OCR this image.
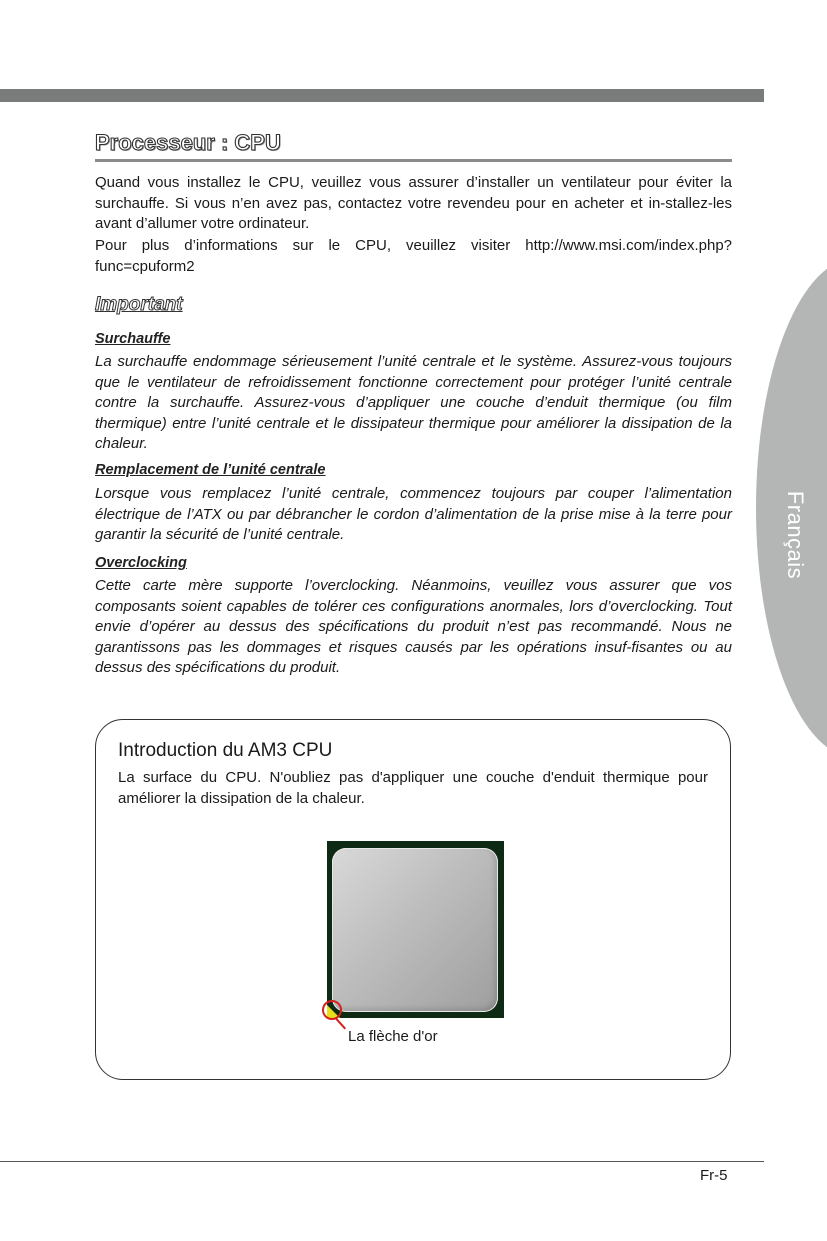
Français
Processeur : CPU

Quand vous installez le CPU, veuillez vous assurer d’installer un ventilateur pour éviter la surchauffe. Si vous n’en avez pas, contactez votre revendeu pour en acheter et in-stallez-les avant d’allumer votre ordinateur.

Pour plus d’informations sur le CPU, veuillez visiter http://www.msi.com/index.php?func=cpuform2

Important
Surchauffe

La surchauffe endommage sérieusement l’unité centrale et le système. Assurez-vous toujours que le ventilateur de refroidissement fonctionne correctement pour protéger l’unité centrale contre la surchauffe. Assurez-vous d’appliquer une couche d’enduit thermique (ou film thermique) entre l’unité centrale et le dissipateur thermique pour améliorer la dissipation de la chaleur.

Remplacement de l’unité centrale

Lorsque vous remplacez l’unité centrale, commencez toujours par couper l’alimentation électrique de l’ATX ou par débrancher le cordon d’alimentation de la prise mise à la terre pour garantir la sécurité de l’unité centrale.

Overclocking

Cette carte mère supporte l’overclocking. Néanmoins, veuillez vous assurer que vos composants soient capables de tolérer ces configurations anormales, lors d’overclocking. Tout envie d’opérer au dessus des spécifications du produit n’est pas recommandé. Nous ne garantissons pas les dommages et risques causés par les opérations insuf-fisantes ou au dessus des spécifications du produit.

Introduction du AM3 CPU

La surface du CPU. N'oubliez pas d'appliquer une couche d'enduit thermique pour améliorer la dissipation de la chaleur.

La flèche d'or
Fr-5
